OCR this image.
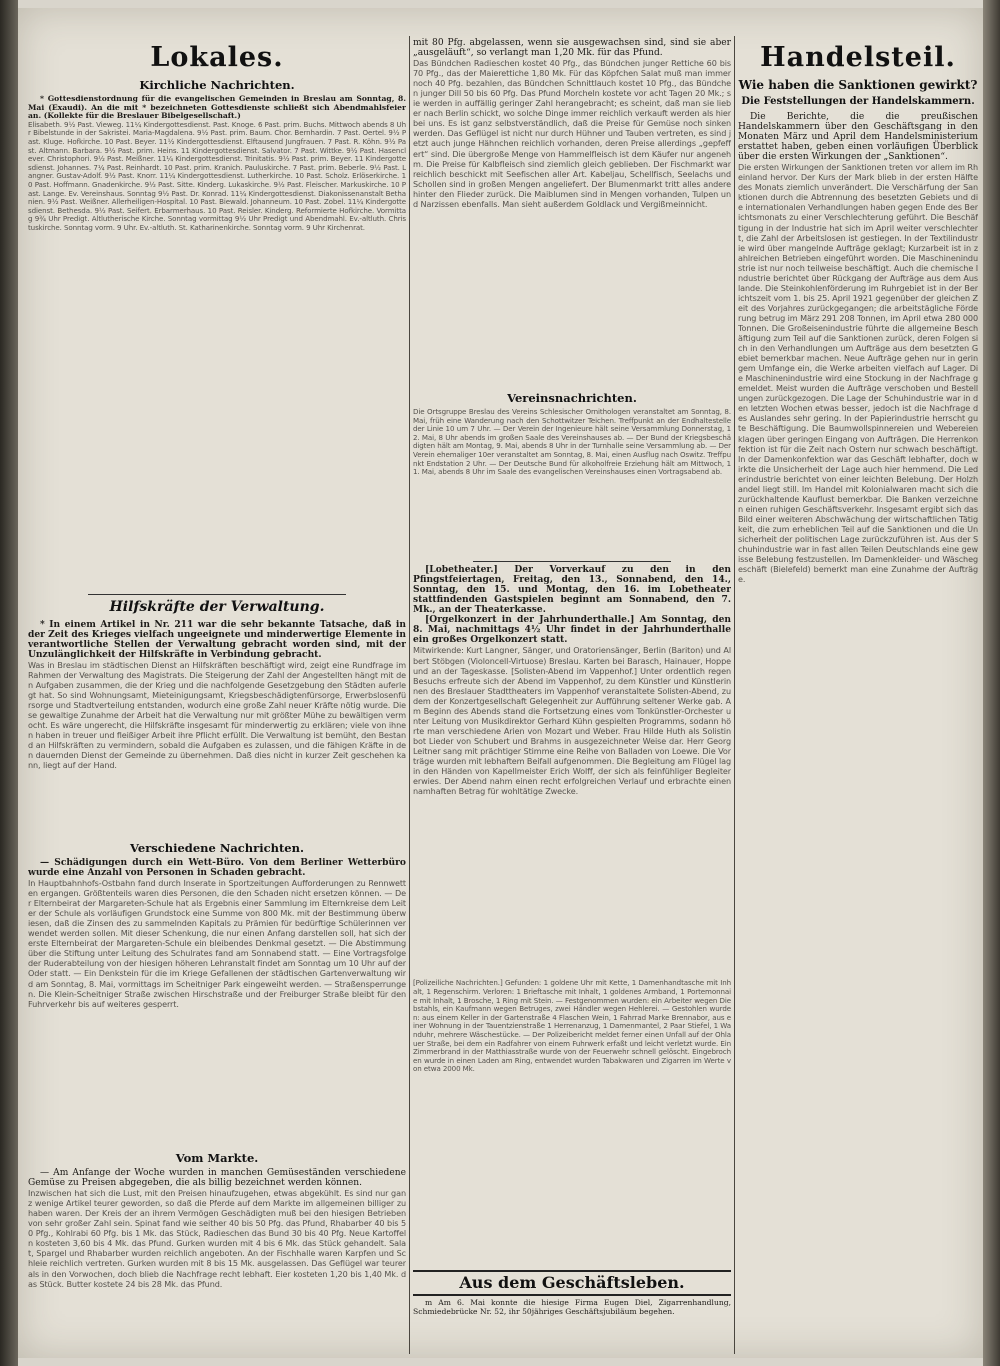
Lokales.
Kirchliche Nachrichten.

* Gottesdienstordnung für die evangelischen Gemeinden in Breslau am Sonntag, 8. Mai (Exaudi). An die mit * bezeichneten Gottesdienste schließt sich Abendmahlsfeier an. (Kollekte für die Breslauer Bibelgesellschaft.)

Elisabeth. 9½ Past. Vieweg. 11¼ Kindergottesdienst. Past. Knoge. 6 Past. prim. Buchs. Mittwoch abends 8 Uhr Bibelstunde in der Sakristei. Maria-Magdalena. 9½ Past. prim. Baum. Chor. Bernhardin. 7 Past. Oertel. 9½ Past. Kluge. Hofkirche. 10 Past. Beyer. 11½ Kindergottesdienst. Elftausend Jungfrauen. 7 Past. R. Köhn. 9½ Past. Altmann. Barbara. 9½ Past. prim. Heins. 11 Kindergottesdienst. Salvator. 7 Past. Wittke. 9½ Past. Hasenclever. Christophori. 9½ Past. Meißner. 11¼ Kindergottesdienst. Trinitatis. 9½ Past. prim. Beyer. 11 Kindergottesdienst. Johannes. 7¼ Past. Reinhardt. 10 Past. prim. Kranich. Pauluskirche. 7 Past. prim. Beberle. 9½ Past. Langner. Gustav-Adolf. 9½ Past. Knorr. 11¼ Kindergottesdienst. Lutherkirche. 10 Past. Scholz. Erlöserkirche. 10 Past. Hoffmann. Gnadenkirche. 9½ Past. Sitte. Kinderg. Lukaskirche. 9½ Past. Fleischer. Markuskirche. 10 Past. Lange. Ev. Vereinshaus. Sonntag 9½ Past. Dr. Konrad. 11¼ Kindergottesdienst. Diakonissenanstalt Bethanien. 9½ Past. Weißner. Allerheiligen-Hospital. 10 Past. Biewald. Johanneum. 10 Past. Zobel. 11¼ Kindergottesdienst. Bethesda. 9½ Past. Seifert. Erbarmerhaus. 10 Past. Reisler. Kinderg. Reformierte Hofkirche. Vormittag 9¾ Uhr Predigt. Altlutherische Kirche. Sonntag vormittag 9½ Uhr Predigt und Abendmahl. Ev.-altluth. Christuskirche. Sonntag vorm. 9 Uhr. Ev.-altluth. St. Katharinenkirche. Sonntag vorm. 9 Uhr Kirchenrat.
Hilfskräfte der Verwaltung.

* In einem Artikel in Nr. 211 war die sehr bekannte Tatsache, daß in der Zeit des Krieges vielfach ungeeignete und minderwertige Elemente in verantwortliche Stellen der Verwaltung gebracht worden sind, mit der Unzulänglichkeit der Hilfskräfte in Verbindung gebracht.

Was in Breslau im städtischen Dienst an Hilfskräften beschäftigt wird, zeigt eine Rundfrage im Rahmen der Verwaltung des Magistrats. Die Steigerung der Zahl der Angestellten hängt mit den Aufgaben zusammen, die der Krieg und die nachfolgende Gesetzgebung den Städten auferlegt hat. So sind Wohnungsamt, Mieteinigungsamt, Kriegsbeschädigtenfürsorge, Erwerbslosenfürsorge und Stadtverteilung entstanden, wodurch eine große Zahl neuer Kräfte nötig wurde. Diese gewaltige Zunahme der Arbeit hat die Verwaltung nur mit größter Mühe zu bewältigen vermocht. Es wäre ungerecht, die Hilfskräfte insgesamt für minderwertig zu erklären; viele von ihnen haben in treuer und fleißiger Arbeit ihre Pflicht erfüllt. Die Verwaltung ist bemüht, den Bestand an Hilfskräften zu vermindern, sobald die Aufgaben es zulassen, und die fähigen Kräfte in den dauernden Dienst der Gemeinde zu übernehmen. Daß dies nicht in kurzer Zeit geschehen kann, liegt auf der Hand.
Verschiedene Nachrichten.

— Schädigungen durch ein Wett-Büro. Von dem Berliner Wetterbüro wurde eine Anzahl von Personen in Schaden gebracht.

In Hauptbahnhofs-Ostbahn fand durch Inserate in Sportzeitungen Aufforderungen zu Rennwetten ergangen. Größtenteils waren dies Personen, die den Schaden nicht ersetzen können. — Der Elternbeirat der Margareten-Schule hat als Ergebnis einer Sammlung im Elternkreise dem Leiter der Schule als vorläufigen Grundstock eine Summe von 800 Mk. mit der Bestimmung überwiesen, daß die Zinsen des zu sammelnden Kapitals zu Prämien für bedürftige Schülerinnen verwendet werden sollen. Mit dieser Schenkung, die nur einen Anfang darstellen soll, hat sich der erste Elternbeirat der Margareten-Schule ein bleibendes Denkmal gesetzt. — Die Abstimmung über die Stiftung unter Leitung des Schulrates fand am Sonnabend statt. — Eine Vortragsfolge der Ruderabteilung von der hiesigen höheren Lehranstalt findet am Sonntag um 10 Uhr auf der Oder statt. — Ein Denkstein für die im Kriege Gefallenen der städtischen Gartenverwaltung wird am Sonntag, 8. Mai, vormittags im Scheitniger Park eingeweiht werden. — Straßensperrungen. Die Klein-Scheitniger Straße zwischen Hirschstraße und der Freiburger Straße bleibt für den Fuhrverkehr bis auf weiteres gesperrt.
Vom Markte.

— Am Anfange der Woche wurden in manchen Gemüseständen verschiedene Gemüse zu Preisen abgegeben, die als billig bezeichnet werden können.

Inzwischen hat sich die Lust, mit den Preisen hinaufzugehen, etwas abgekühlt. Es sind nur ganz wenige Artikel teurer geworden, so daß die Pferde auf dem Markte im allgemeinen billiger zu haben waren. Der Kreis der an ihrem Vermögen Geschädigten muß bei den hiesigen Betrieben von sehr großer Zahl sein. Spinat fand wie seither 40 bis 50 Pfg. das Pfund, Rhabarber 40 bis 50 Pfg., Kohlrabi 60 Pfg. bis 1 Mk. das Stück, Radieschen das Bund 30 bis 40 Pfg. Neue Kartoffeln kosteten 3,60 bis 4 Mk. das Pfund. Gurken wurden mit 4 bis 6 Mk. das Stück gehandelt. Salat, Spargel und Rhabarber wurden reichlich angeboten. An der Fischhalle waren Karpfen und Schleie reichlich vertreten. Gurken wurden mit 8 bis 15 Mk. ausgelassen. Das Geflügel war teurer als in den Vorwochen, doch blieb die Nachfrage recht lebhaft. Eier kosteten 1,20 bis 1,40 Mk. das Stück. Butter kostete 24 bis 28 Mk. das Pfund.

mit 80 Pfg. abgelassen, wenn sie ausgewachsen sind, sind sie aber „ausgeläuft“, so verlangt man 1,20 Mk. für das Pfund.

Das Bündchen Radieschen kostet 40 Pfg., das Bündchen junger Rettiche 60 bis 70 Pfg., das der Maierettiche 1,80 Mk. Für das Köpfchen Salat muß man immer noch 40 Pfg. bezahlen, das Bündchen Schnittlauch kostet 10 Pfg., das Bündchen junger Dill 50 bis 60 Pfg. Das Pfund Morcheln kostete vor acht Tagen 20 Mk.; sie werden in auffällig geringer Zahl herangebracht; es scheint, daß man sie lieber nach Berlin schickt, wo solche Dinge immer reichlich verkauft werden als hier bei uns. Es ist ganz selbstverständlich, daß die Preise für Gemüse noch sinken werden. Das Geflügel ist nicht nur durch Hühner und Tauben vertreten, es sind jetzt auch junge Hähnchen reichlich vorhanden, deren Preise allerdings „gepfeffert“ sind. Die übergroße Menge von Hammelfleisch ist dem Käufer nur angenehm. Die Preise für Kalbfleisch sind ziemlich gleich geblieben. Der Fischmarkt war reichlich beschickt mit Seefischen aller Art. Kabeljau, Schellfisch, Seelachs und Schollen sind in großen Mengen angeliefert. Der Blumenmarkt tritt alles andere hinter den Flieder zurück. Die Maiblumen sind in Mengen vorhanden, Tulpen und Narzissen ebenfalls. Man sieht außerdem Goldlack und Vergißmeinnicht.
Vereinsnachrichten.
Die Ortsgruppe Breslau des Vereins Schlesischer Ornithologen veranstaltet am Sonntag, 8. Mai, früh eine Wanderung nach den Schottwitzer Teichen. Treffpunkt an der Endhaltestelle der Linie 10 um 7 Uhr. — Der Verein der Ingenieure hält seine Versammlung Donnerstag, 12. Mai, 8 Uhr abends im großen Saale des Vereinshauses ab. — Der Bund der Kriegsbeschädigten hält am Montag, 9. Mai, abends 8 Uhr in der Turnhalle seine Versammlung ab. — Der Verein ehemaliger 10er veranstaltet am Sonntag, 8. Mai, einen Ausflug nach Oswitz. Treffpunkt Endstation 2 Uhr. — Der Deutsche Bund für alkoholfreie Erziehung hält am Mittwoch, 11. Mai, abends 8 Uhr im Saale des evangelischen Vereinshauses einen Vortragsabend ab.

[Lobetheater.] Der Vorverkauf zu den in den Pfingstfeiertagen, Freitag, den 13., Sonnabend, den 14., Sonntag, den 15. und Montag, den 16. im Lobetheater stattfindenden Gastspielen beginnt am Sonnabend, den 7. Mk., an der Theaterkasse.

[Orgelkonzert in der Jahrhunderthalle.] Am Sonntag, den 8. Mai, nachmittags 4½ Uhr findet in der Jahrhunderthalle ein großes Orgelkonzert statt.

Mitwirkende: Kurt Langner, Sänger, und Oratoriensänger, Berlin (Bariton) und Albert Stöbgen (Violoncell-Virtuose) Breslau. Karten bei Barasch, Hainauer, Hoppe und an der Tageskasse. [Solisten-Abend im Vappenhof.] Unter ordentlich regen Besuchs erfreute sich der Abend im Vappenhof, zu dem Künstler und Künstlerinnen des Breslauer Stadttheaters im Vappenhof veranstaltete Solisten-Abend, zu dem der Konzertgesellschaft Gelegenheit zur Aufführung seltener Werke gab. Am Beginn des Abends stand die Fortsetzung eines vom Tonkünstler-Orchester unter Leitung von Musikdirektor Gerhard Kühn gespielten Programms, sodann hörte man verschiedene Arien von Mozart und Weber. Frau Hilde Huth als Solistin bot Lieder von Schubert und Brahms in ausgezeichneter Weise dar. Herr Georg Leitner sang mit prächtiger Stimme eine Reihe von Balladen von Loewe. Die Vorträge wurden mit lebhaftem Beifall aufgenommen. Die Begleitung am Flügel lag in den Händen von Kapellmeister Erich Wolff, der sich als feinfühliger Begleiter erwies. Der Abend nahm einen recht erfolgreichen Verlauf und erbrachte einen namhaften Betrag für wohltätige Zwecke.
[Polizeiliche Nachrichten.] Gefunden: 1 goldene Uhr mit Kette, 1 Damenhandtasche mit Inhalt, 1 Regenschirm. Verloren: 1 Brieftasche mit Inhalt, 1 goldenes Armband, 1 Portemonnaie mit Inhalt, 1 Brosche, 1 Ring mit Stein. — Festgenommen wurden: ein Arbeiter wegen Diebstahls, ein Kaufmann wegen Betruges, zwei Händler wegen Hehlerei. — Gestohlen wurden: aus einem Keller in der Gartenstraße 4 Flaschen Wein, 1 Fahrrad Marke Brennabor, aus einer Wohnung in der Tauentzienstraße 1 Herrenanzug, 1 Damenmantel, 2 Paar Stiefel, 1 Wanduhr, mehrere Wäschestücke. — Der Polizeibericht meldet ferner einen Unfall auf der Ohlauer Straße, bei dem ein Radfahrer von einem Fuhrwerk erfaßt und leicht verletzt wurde. Ein Zimmerbrand in der Matthiasstraße wurde von der Feuerwehr schnell gelöscht. Eingebrochen wurde in einen Laden am Ring, entwendet wurden Tabakwaren und Zigarren im Werte von etwa 2000 Mk.
Aus dem Geschäftsleben.

m Am 6. Mai konnte die hiesige Firma Eugen Diel, Zigarrenhandlung, Schmiedebrücke Nr. 52, ihr 50jähriges Geschäftsjubiläum begehen.

Handelsteil.
Wie haben die Sanktionen gewirkt?
Die Feststellungen der Handelskammern.

Die Berichte, die die preußischen Handelskammern über den Geschäftsgang in den Monaten März und April dem Handelsministerium erstattet haben, geben einen vorläufigen Überblick über die ersten Wirkungen der „Sanktionen“.

Die ersten Wirkungen der Sanktionen treten vor allem im Rheinland hervor. Der Kurs der Mark blieb in der ersten Hälfte des Monats ziemlich unverändert. Die Verschärfung der Sanktionen durch die Abtrennung des besetzten Gebiets und die internationalen Verhandlungen haben gegen Ende des Berichtsmonats zu einer Verschlechterung geführt. Die Beschäftigung in der Industrie hat sich im April weiter verschlechtert, die Zahl der Arbeitslosen ist gestiegen. In der Textilindustrie wird über mangelnde Aufträge geklagt; Kurzarbeit ist in zahlreichen Betrieben eingeführt worden. Die Maschinenindustrie ist nur noch teilweise beschäftigt. Auch die chemische Industrie berichtet über Rückgang der Aufträge aus dem Auslande. Die Steinkohlenförderung im Ruhrgebiet ist in der Berichtszeit vom 1. bis 25. April 1921 gegenüber der gleichen Zeit des Vorjahres zurückgegangen; die arbeitstägliche Förderung betrug im März 291 208 Tonnen, im April etwa 280 000 Tonnen. Die Großeisenindustrie führte die allgemeine Beschäftigung zum Teil auf die Sanktionen zurück, deren Folgen sich in den Verhandlungen um Aufträge aus dem besetzten Gebiet bemerkbar machen. Neue Aufträge gehen nur in geringem Umfange ein, die Werke arbeiten vielfach auf Lager. Die Maschinenindustrie wird eine Stockung in der Nachfrage gemeldet. Meist wurden die Aufträge verschoben und Bestellungen zurückgezogen. Die Lage der Schuhindustrie war in den letzten Wochen etwas besser, jedoch ist die Nachfrage des Auslandes sehr gering. In der Papierindustrie herrscht gute Beschäftigung. Die Baumwollspinnereien und Webereien klagen über geringen Eingang von Aufträgen. Die Herrenkonfektion ist für die Zeit nach Ostern nur schwach beschäftigt. In der Damenkonfektion war das Geschäft lebhafter, doch wirkte die Unsicherheit der Lage auch hier hemmend. Die Lederindustrie berichtet von einer leichten Belebung. Der Holzhandel liegt still. Im Handel mit Kolonialwaren macht sich die zurückhaltende Kauflust bemerkbar. Die Banken verzeichnen einen ruhigen Geschäftsverkehr. Insgesamt ergibt sich das Bild einer weiteren Abschwächung der wirtschaftlichen Tätigkeit, die zum erheblichen Teil auf die Sanktionen und die Unsicherheit der politischen Lage zurückzuführen ist. Aus der Schuhindustrie war in fast allen Teilen Deutschlands eine gewisse Belebung festzustellen. Im Damenkleider- und Wäschegeschäft (Bielefeld) bemerkt man eine Zunahme der Aufträge.
